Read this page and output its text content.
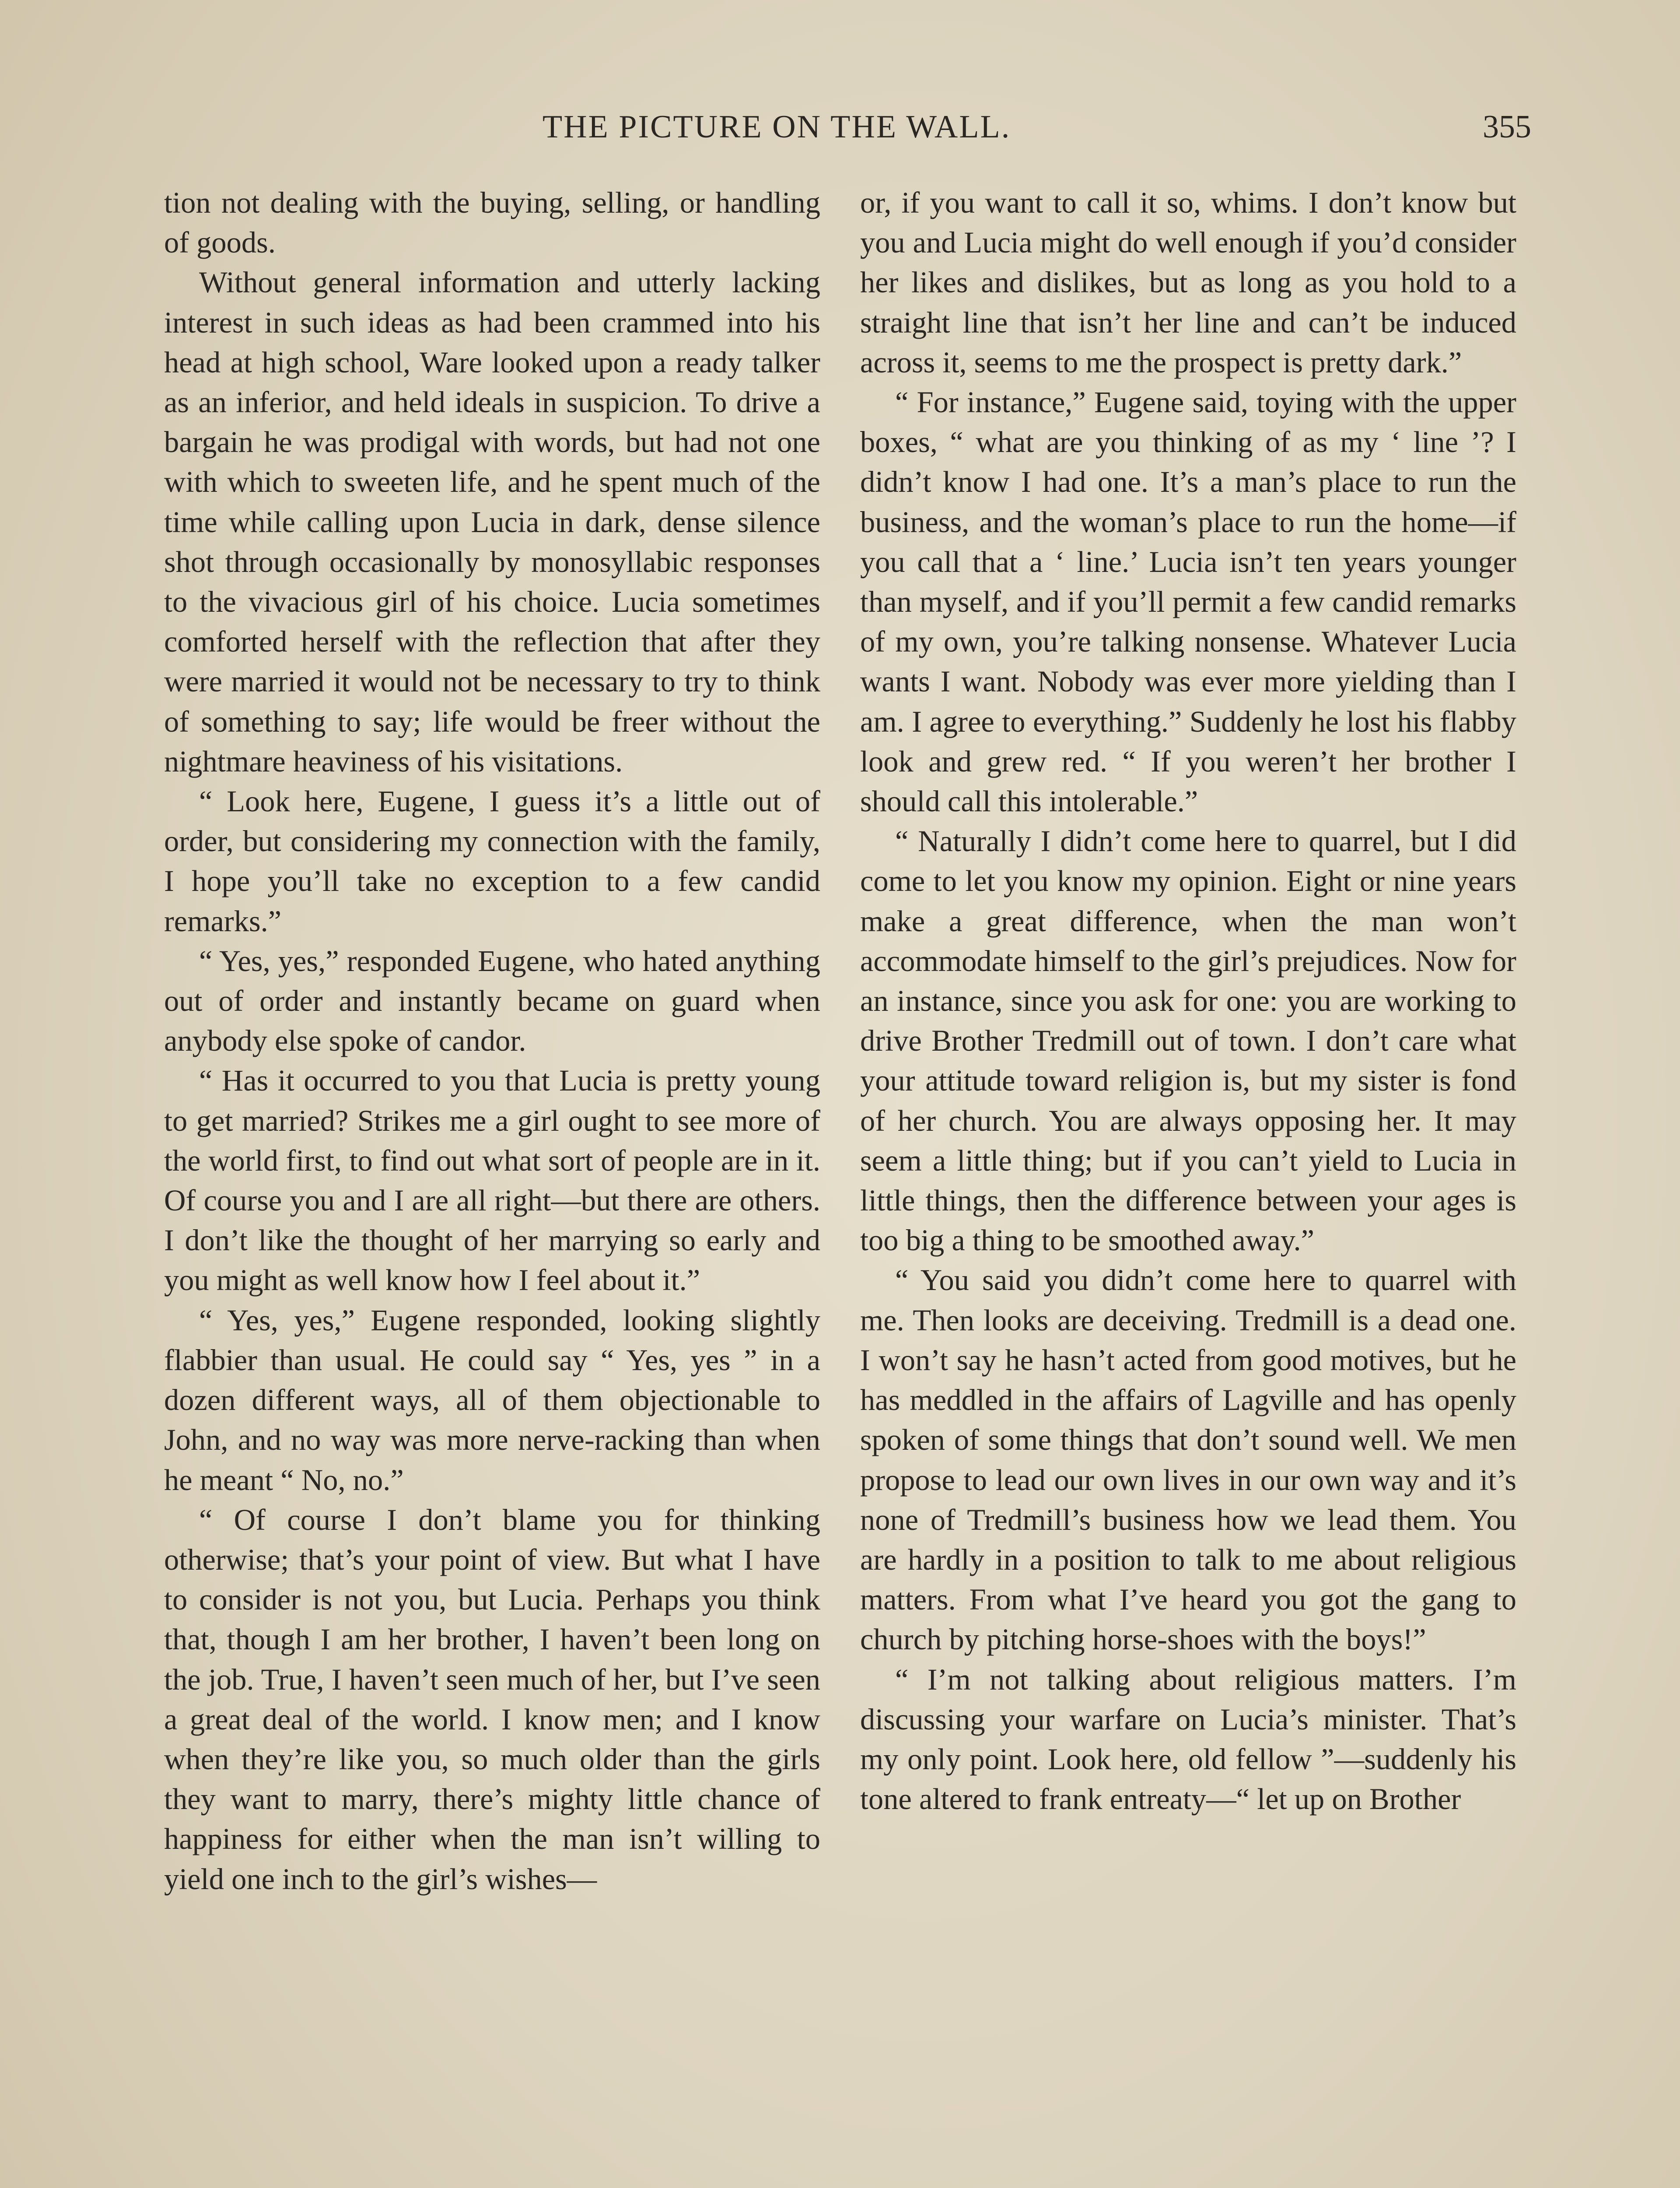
THE PICTURE ON THE WALL.	355

tion not dealing with the buying, selling, or handling of goods.

Without general information and utterly lacking interest in such ideas as had been crammed into his head at high school, Ware looked upon a ready talker as an inferior, and held ideals in suspicion. To drive a bargain he was prodigal with words, but had not one with which to sweeten life, and he spent much of the time while calling upon Lucia in dark, dense silence shot through occasionally by monosyllabic responses to the vivacious girl of his choice. Lucia sometimes comforted herself with the reflection that after they were married it would not be necessary to try to think of something to say; life would be freer without the nightmare heaviness of his visitations.

“ Look here, Eugene, I guess it’s a little out of order, but considering my connection with the family, I hope you’ll take no exception to a few candid remarks.”

“ Yes, yes,” responded Eugene, who hated anything out of order and instantly became on guard when anybody else spoke of candor.

“ Has it occurred to you that Lucia is pretty young to get married? Strikes me a girl ought to see more of the world first, to find out what sort of people are in it. Of course you and I are all right—but there are others. I don’t like the thought of her marrying so early and you might as well know how I feel about it.”

“ Yes, yes,” Eugene responded, looking slightly flabbier than usual. He could say “ Yes, yes ” in a dozen different ways, all of them objectionable to John, and no way was more nerve-racking than when he meant “ No, no.”

“ Of course I don’t blame you for thinking otherwise; that’s your point of view. But what I have to consider is not you, but Lucia. Perhaps you think that, though I am her brother, I haven’t been long on the job. True, I haven’t seen much of her, but I’ve seen a great deal of the world. I know men; and I know when they’re like you, so much older than the girls they want to marry, there’s mighty little chance of happiness for either when the man isn’t willing to yield one inch to the girl’s wishes—

or, if you want to call it so, whims. I don’t know but you and Lucia might do well enough if you’d consider her likes and dislikes, but as long as you hold to a straight line that isn’t her line and can’t be induced across it, seems to me the prospect is pretty dark.”

“ For instance,” Eugene said, toying with the upper boxes, “ what are you thinking of as my ‘ line ’? I didn’t know I had one. It’s a man’s place to run the business, and the woman’s place to run the home—if you call that a ‘ line.’ Lucia isn’t ten years younger than myself, and if you’ll permit a few candid remarks of my own, you’re talking nonsense. Whatever Lucia wants I want. Nobody was ever more yielding than I am. I agree to everything.” Suddenly he lost his flabby look and grew red. “ If you weren’t her brother I should call this intolerable.”

“ Naturally I didn’t come here to quarrel, but I did come to let you know my opinion. Eight or nine years make a great difference, when the man won’t accommodate himself to the girl’s prejudices. Now for an instance, since you ask for one: you are working to drive Brother Tredmill out of town. I don’t care what your attitude toward religion is, but my sister is fond of her church. You are always opposing her. It may seem a little thing; but if you can’t yield to Lucia in little things, then the difference between your ages is too big a thing to be smoothed away.”

“ You said you didn’t come here to quarrel with me. Then looks are deceiving. Tredmill is a dead one. I won’t say he hasn’t acted from good motives, but he has meddled in the affairs of Lagville and has openly spoken of some things that don’t sound well. We men propose to lead our own lives in our own way and it’s none of Tredmill’s business how we lead them. You are hardly in a position to talk to me about religious matters. From what I’ve heard you got the gang to church by pitching horse-shoes with the boys!”

“ I’m not talking about religious matters. I’m discussing your warfare on Lucia’s minister. That’s my only point. Look here, old fellow ”—suddenly his tone altered to frank entreaty—“ let up on Brother
